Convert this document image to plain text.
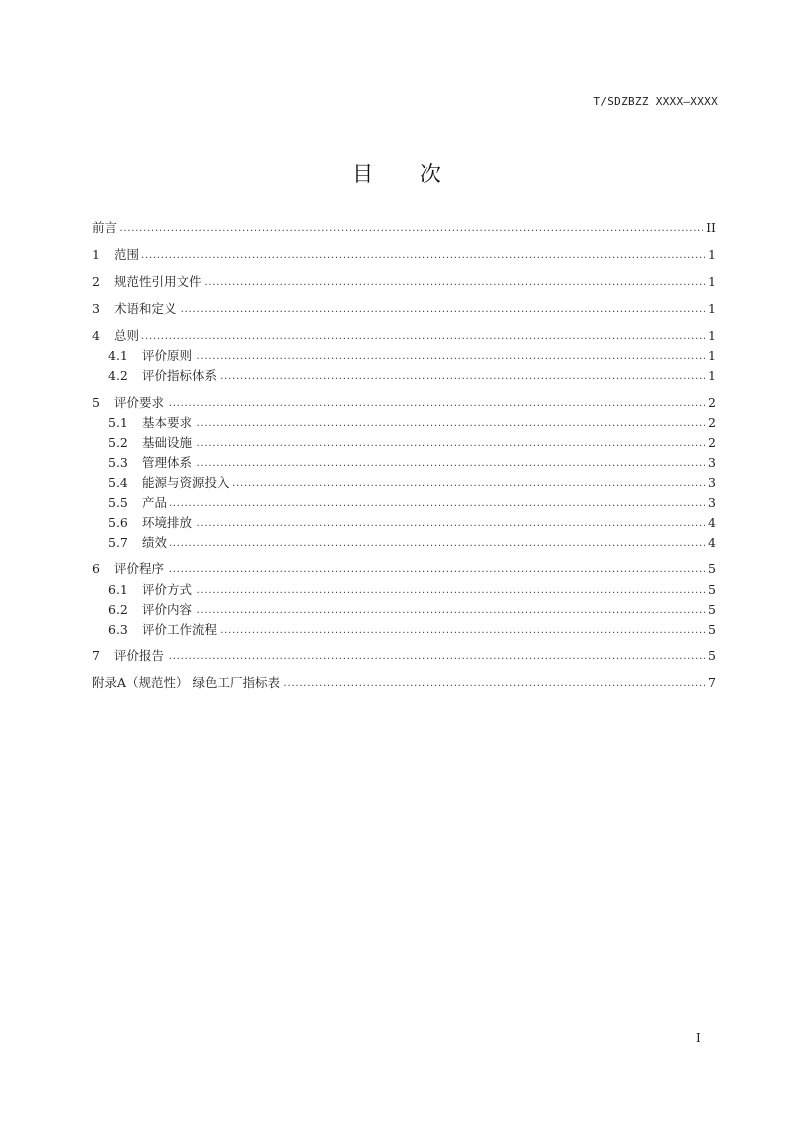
T/SDZBZZ XXXX—XXXX
目 次
前言 . . .	II
1	范围 . . .	1
2	规范性引用文件 . . .	1
3	术语和定义 . . .	1
4	总则 . . .	1
4.1	评价原则 . . .	1
4.2	评价指标体系 . . .	1
5	评价要求 . . .	2
5.1	基本要求 . . .	2
5.2	基础设施 . . .	2
5.3	管理体系 . . .	3
5.4	能源与资源投入 . . .	3
5.5	产品 . . .	3
5.6	环境排放 . . .	4
5.7	绩效 . . .	4
6	评价程序 . . .	5
6.1	评价方式 . . .	5
6.2	评价内容 . . .	5
6.3	评价工作流程 . . .	5
7	评价报告 . . .	5
附录A（规范性） 绿色工厂指标表 . . .	7
I
